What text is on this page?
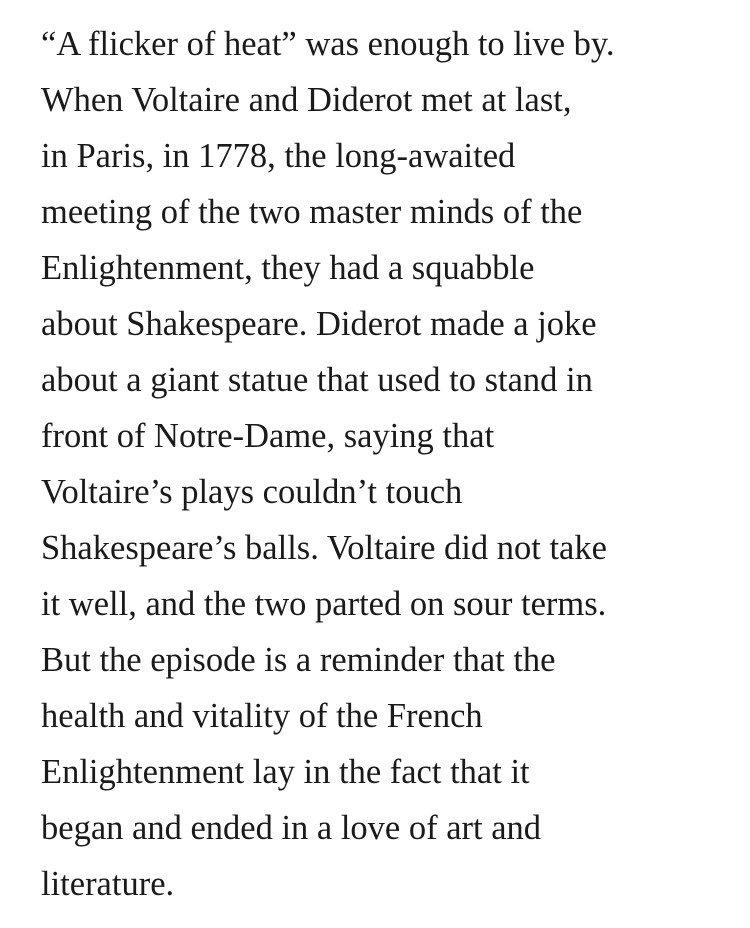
“A flicker of heat” was enough to live by.
When Voltaire and Diderot met at last,
in Paris, in 1778, the long-awaited
meeting of the two master minds of the
Enlightenment, they had a squabble
about Shakespeare. Diderot made a joke
about a giant statue that used to stand in
front of Notre-Dame, saying that
Voltaire’s plays couldn’t touch
Shakespeare’s balls. Voltaire did not take
it well, and the two parted on sour terms.
But the episode is a reminder that the
health and vitality of the French
Enlightenment lay in the fact that it
began and ended in a love of art and
literature.
